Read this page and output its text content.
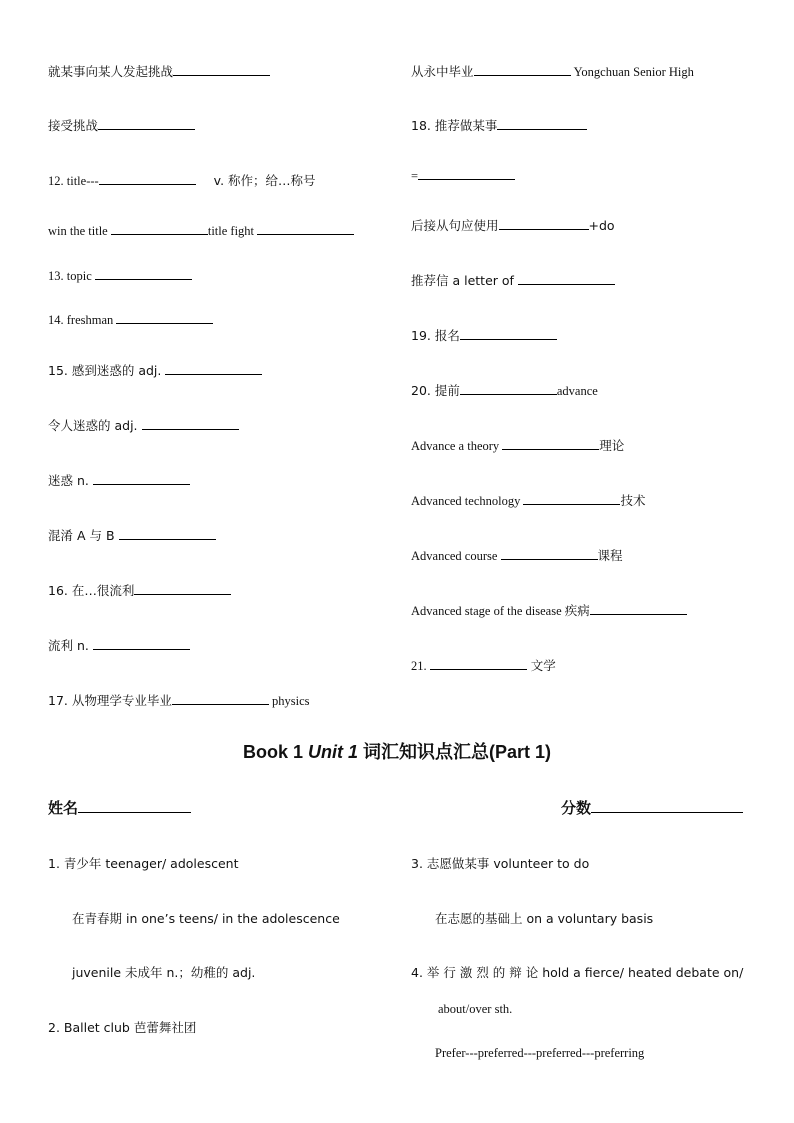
就某事向某人发起挑战
接受挑战
12. title---	v. 称作；给…称号
win the title	title fight
13. topic
14. freshman
15. 感到迷惑的 adj.
令人迷惑的 adj.
迷惑 n.
混淆 A 与 B
16. 在…很流利
流利 n.
17. 从物理学专业毕业	physics
从永中毕业	Yongchuan Senior High
18. 推荐做某事
=
后接从句应使用	+do
推荐信 a letter of
19. 报名
20. 提前	advance
Advance a theory	理论
Advanced technology	技术
Advanced course	课程
Advanced stage of the disease 疾病
21.	文学
Book 1 Unit 1 词汇知识点汇总(Part 1)
姓名	分数
1. 青少年 teenager/ adolescent
在青春期 in one’s teens/ in the adolescence
juvenile 未成年 n.；幼稚的 adj.
2. Ballet club 芭蕾舞社团
3. 志愿做某事 volunteer to do
在志愿的基础上 on a voluntary basis
4. 举 行 激 烈 的 辩 论 hold a fierce/ heated debate on/
about/over sth.
Prefer---preferred---preferred---preferring
